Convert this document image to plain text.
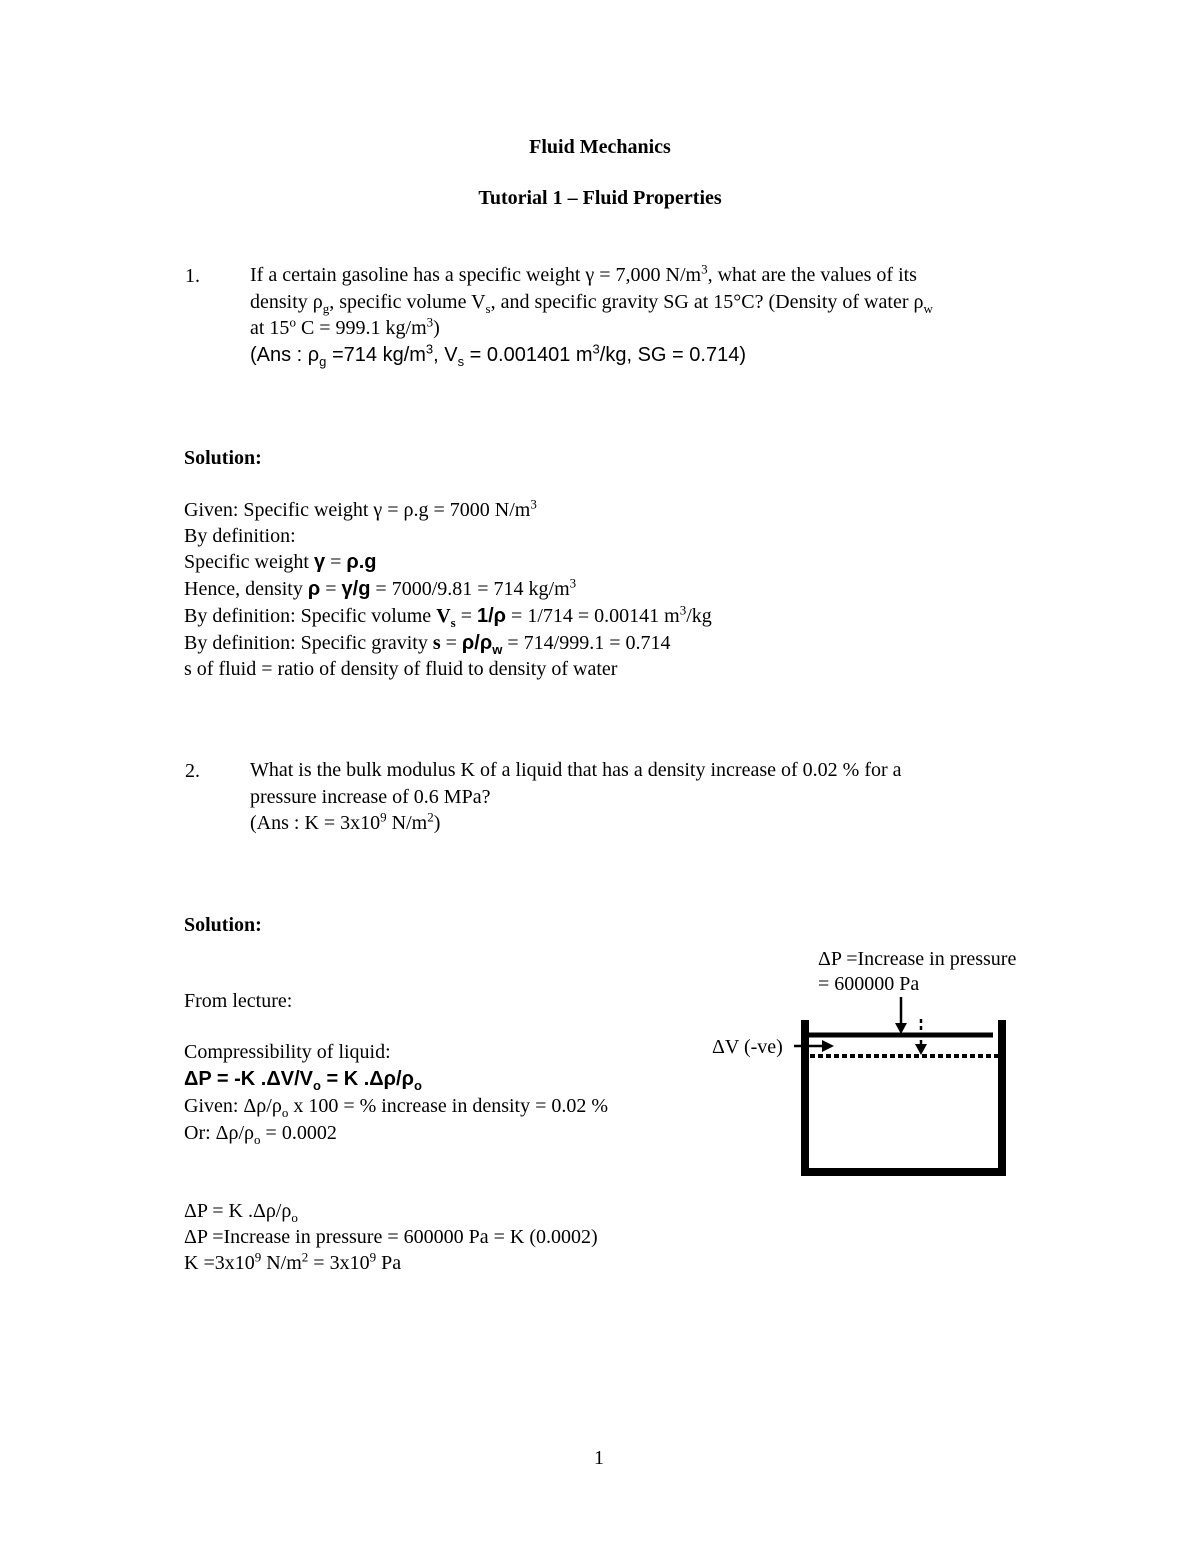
Fluid Mechanics
Tutorial 1 – Fluid Properties
1.	If a certain gasoline has a specific weight γ = 7,000 $N/m^3$, what are the values of its
density $\rho_g$, specific volume $V_s$, and specific gravity SG at 15°C? (Density of water $\rho_w$
at 15$^o$ C = 999.1 $kg/m^3$)
(Ans : $\rho_g =714$ $kg/m^3$, $V_s = 0.001401$ $m^3/kg$, SG = 0.714)
Solution:
Given: Specific weight γ = ρ.g = 7000 $N/m^3$
By definition:
Specific weight γ = ρ.g
Hence, density ρ = γ/g = 7000/9.81 = 714 $kg/m^3$
By definition: Specific volume $V_s = 1/\rho = 1/714 = 0.00141$ $m^3/kg$
By definition: Specific gravity $s = \rho/\rho_w = 714/999.1 = 0.714$
s of fluid = ratio of density of fluid to density of water
2.	What is the bulk modulus K of a liquid that has a density increase of 0.02 % for a
pressure increase of 0.6 MPa?
(Ans : $K = 3x10^9$ $N/m^2$)
Solution:
From lecture:
Compressibility of liquid:
ΔP = -K $.\Delta V/V_o = K$ $.\Delta\rho/\rho_o$
Given: $\Delta\rho/\rho_o$ x 100 = % increase in density = 0.02 %
Or: $\Delta\rho/\rho_o = 0.0002$
ΔP = K $.\Delta\rho/\rho_o$
ΔP =Increase in pressure = 600000 Pa = K (0.0002)
$K =3x10^9$ $N/m^2 = 3x10^9$ Pa
ΔP =Increase in pressure
= 600000 Pa
ΔV (-ve)
1
